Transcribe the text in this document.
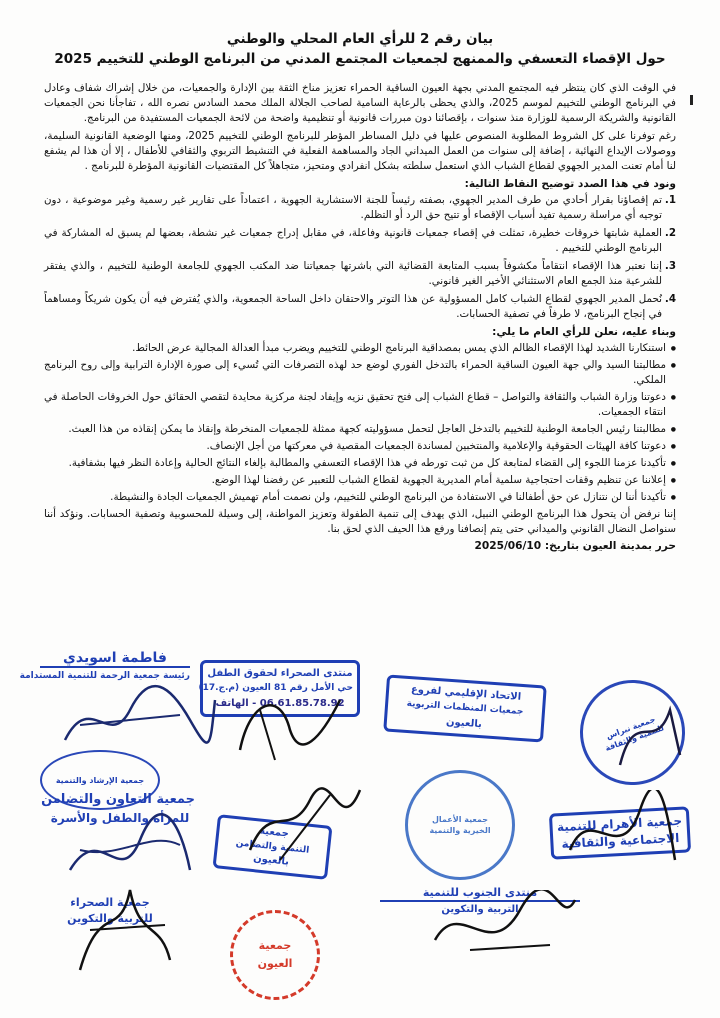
بيان رقم 2 للرأي العام المحلي والوطني
حول الإقصاء التعسفي والممنهج لجمعيات المجتمع المدني من البرنامج الوطني للتخييم 2025

في الوقت الذي كان ينتظر فيه المجتمع المدني بجهة العيون الساقية الحمراء تعزيز مناخ الثقة بين الإدارة والجمعيات، من خلال إشراك شفاف وعادل في البرنامج الوطني للتخييم لموسم 2025، والذي يحظى بالرعاية السامية لصاحب الجلالة الملك محمد السادس نصره الله ، تفاجأنا نحن الجمعيات القانونية والشريكة الرسمية للوزارة منذ سنوات ، بإقصائنا دون مبررات قانونية أو تنظيمية واضحة من لائحة الجمعيات المستفيدة من البرنامج.

رغم توفرنا على كل الشروط المطلوبة المنصوص عليها في دليل المساطر المؤطر للبرنامج الوطني للتخييم 2025، ومنها الوضعية القانونية السليمة، ووصولات الإيداع النهائية ، إضافة إلى سنوات من العمل الميداني الجاد والمساهمة الفعلية في التنشيط التربوي والثقافي للأطفال ، إلا أن هذا لم يشفع لنا أمام تعنت المدير الجهوي لقطاع الشباب الذي استعمل سلطته بشكل انفرادي ومتحيز، متجاهلاً كل المقتضيات القانونية المؤطرة للبرنامج .

ونود في هذا الصدد توضيح النقاط التالية:
1.
تم إقصاؤنا بقرار أحادي من طرف المدير الجهوي، بصفته رئيساً للجنة الاستشارية الجهوية ، اعتماداً على تقارير غير رسمية وغير موضوعية ، دون توجيه أي مراسلة رسمية تفيد أسباب الإقصاء أو تتيح حق الرد أو التظلم.
2.
العملية شابتها خروقات خطيرة، تمثلت في إقصاء جمعيات قانونية وفاعلة، في مقابل إدراج جمعيات غير نشطة، بعضها لم يسبق له المشاركة في البرنامج الوطني للتخييم .
3.
إننا نعتبر هذا الإقصاء انتقاماً مكشوفاً بسبب المتابعة القضائية التي باشرتها جمعياتنا ضد المكتب الجهوي للجامعة الوطنية للتخييم ، والذي يفتقر للشرعية منذ الجمع العام الاستثنائي الأخير الغير قانوني.
4.
نُحمل المدير الجهوي لقطاع الشباب كامل المسؤولية عن هذا التوتر والاحتقان داخل الساحة الجمعوية، والذي يُفترض فيه أن يكون شريكاً ومساهماً في إنجاح البرنامج، لا طرفاً في تصفية الحسابات.
وبناء عليه، نعلن للرأي العام ما يلي:
● استنكارنا الشديد لهذا الإقصاء الظالم الذي يمس بمصداقية البرنامج الوطني للتخييم ويضرب مبدأ العدالة المجالية عرض الحائط.
● مطالبتنا السيد والي جهة العيون الساقية الحمراء بالتدخل الفوري لوضع حد لهذه التصرفات التي تُسيء إلى صورة الإدارة الترابية وإلى روح البرنامج الملكي.
● دعوتنا وزارة الشباب والثقافة والتواصل – قطاع الشباب إلى فتح تحقيق نزيه وإيفاد لجنة مركزية محايدة لتقصي الحقائق حول الخروقات الحاصلة في انتقاء الجمعيات.
● مطالبتنا رئيس الجامعة الوطنية للتخييم بالتدخل العاجل لتحمل مسؤوليته كجهة ممثلة للجمعيات المنخرطة وإنقاذ ما يمكن إنقاذه من هذا العبث.
● دعوتنا كافة الهيئات الحقوقية والإعلامية والمنتخبين لمساندة الجمعيات المقصية في معركتها من أجل الإنصاف.
● تأكيدنا عزمنا اللجوء إلى القضاء لمتابعة كل من ثبت تورطه في هذا الإقصاء التعسفي والمطالبة بإلغاء النتائج الحالية وإعادة النظر فيها بشفافية.
● إعلاننا عن تنظيم وقفات احتجاجية سلمية أمام المديرية الجهوية لقطاع الشباب للتعبير عن رفضنا لهذا الوضع.
● تأكيدنا أننا لن نتنازل عن حق أطفالنا في الاستفادة من البرنامج الوطني للتخييم، ولن نصمت أمام تهميش الجمعيات الجادة والنشيطة.

إننا نرفض أن يتحول هذا البرنامج الوطني النبيل، الذي يهدف إلى تنمية الطفولة وتعزيز المواطنة، إلى وسيلة للمحسوبية وتصفية الحسابات. ونؤكد أننا سنواصل النضال القانوني والميداني حتى يتم إنصافنا ورفع هذا الحيف الذي لحق بنا.

حرر بمدينة العيون بتاريخ: 2025/06/10
فاطمة اسويدي
رئيسة جمعية الرحمة للتنمية المستدامة منتدى الصحراء لحقوق الطفل
حي الأمل رقم 81 العيون (م.ج.17)
06.61.85.78.92 - الهاتف
الاتحاد الإقليمي لفروع
جمعيات المنظمات التربوية
بالعيون	جمعية نبراس للتنمية والثقافة
جمعية الإرشاد والتنمية
جمعية التعاون والتضامن
للمرأة والطفل والأسرة	جمعية الأعمال الخيرية والتنمية	جمعية الأهرام للتنمية
الاجتماعية والثقافية
جمعية
التنمية والتضامن
بالعيون
جمعية الصحراء
للتربية والتكوين
جمعية
العيون
منتدى الجنوب للتنمية
التربية والتكوين
